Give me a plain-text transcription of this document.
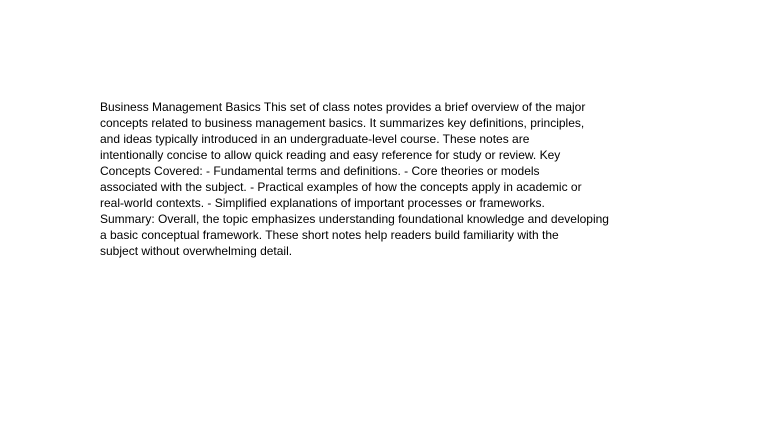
Business Management Basics This set of class notes provides a brief overview of the major
concepts related to business management basics. It summarizes key definitions, principles,
and ideas typically introduced in an undergraduate-level course. These notes are
intentionally concise to allow quick reading and easy reference for study or review. Key
Concepts Covered: - Fundamental terms and definitions. - Core theories or models
associated with the subject. - Practical examples of how the concepts apply in academic or
real-world contexts. - Simplified explanations of important processes or frameworks.
Summary: Overall, the topic emphasizes understanding foundational knowledge and developing
a basic conceptual framework. These short notes help readers build familiarity with the
subject without overwhelming detail.
